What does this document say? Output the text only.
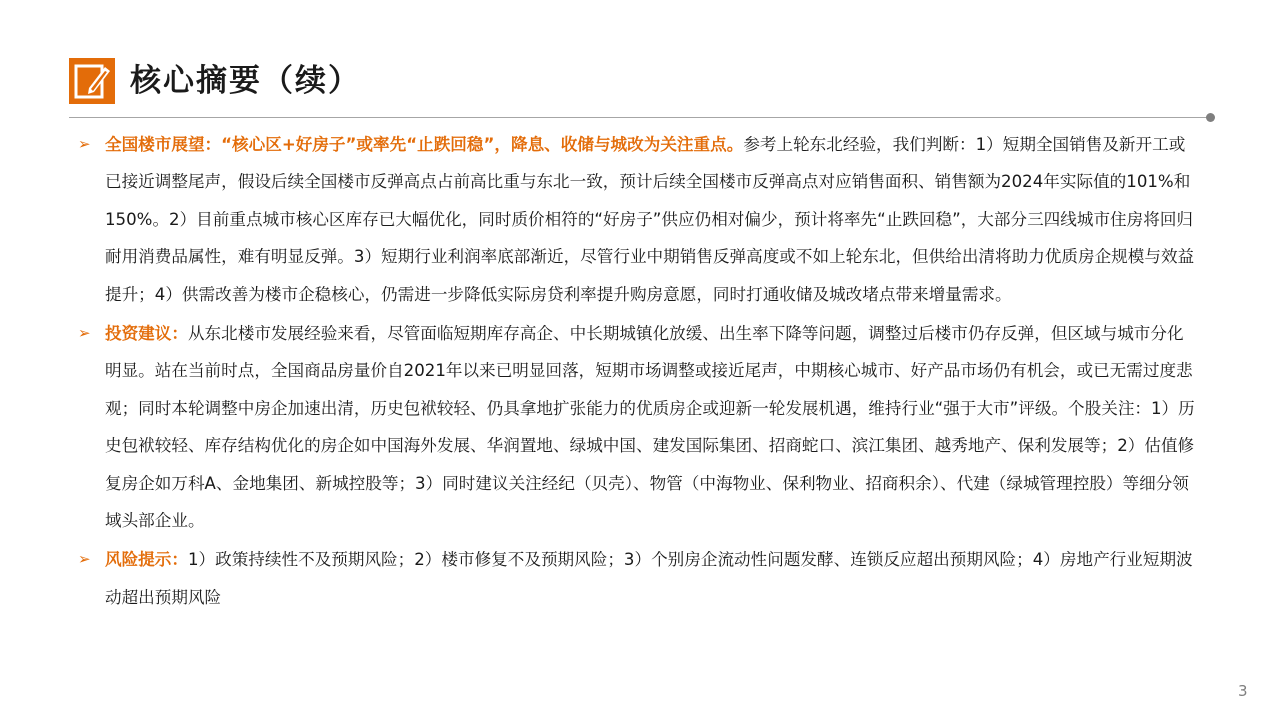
核心摘要（续）
➢ 全国楼市展望：“核心区+好房子”或率先“止跌回稳”，降息、收储与城改为关注重点。参考上轮东北经验，我们判断：1）短期全国销售及新开工或已接近调整尾声，假设后续全国楼市反弹高点占前高比重与东北一致，预计后续全国楼市反弹高点对应销售面积、销售额为2024年实际值的101%和150%。2）目前重点城市核心区库存已大幅优化，同时质价相符的“好房子”供应仍相对偏少，预计将率先“止跌回稳”，大部分三四线城市住房将回归耐用消费品属性，难有明显反弹。3）短期行业利润率底部渐近，尽管行业中期销售反弹高度或不如上轮东北，但供给出清将助力优质房企规模与效益提升；4）供需改善为楼市企稳核心，仍需进一步降低实际房贷利率提升购房意愿，同时打通收储及城改堵点带来增量需求。
➢ 投资建议：从东北楼市发展经验来看，尽管面临短期库存高企、中长期城镇化放缓、出生率下降等问题，调整过后楼市仍存反弹，但区域与城市分化明显。站在当前时点，全国商品房量价自2021年以来已明显回落，短期市场调整或接近尾声，中期核心城市、好产品市场仍有机会，或已无需过度悲观；同时本轮调整中房企加速出清，历史包袱较轻、仍具拿地扩张能力的优质房企或迎新一轮发展机遇，维持行业“强于大市”评级。个股关注：1）历史包袱较轻、库存结构优化的房企如中国海外发展、华润置地、绿城中国、建发国际集团、招商蛇口、滨江集团、越秀地产、保利发展等；2）估值修复房企如万科A、金地集团、新城控股等；3）同时建议关注经纪（贝壳）、物管（中海物业、保利物业、招商积余）、代建（绿城管理控股）等细分领域头部企业。
➢ 风险提示：1）政策持续性不及预期风险；2）楼市修复不及预期风险；3）个别房企流动性问题发酵、连锁反应超出预期风险；4）房地产行业短期波动超出预期风险
3
